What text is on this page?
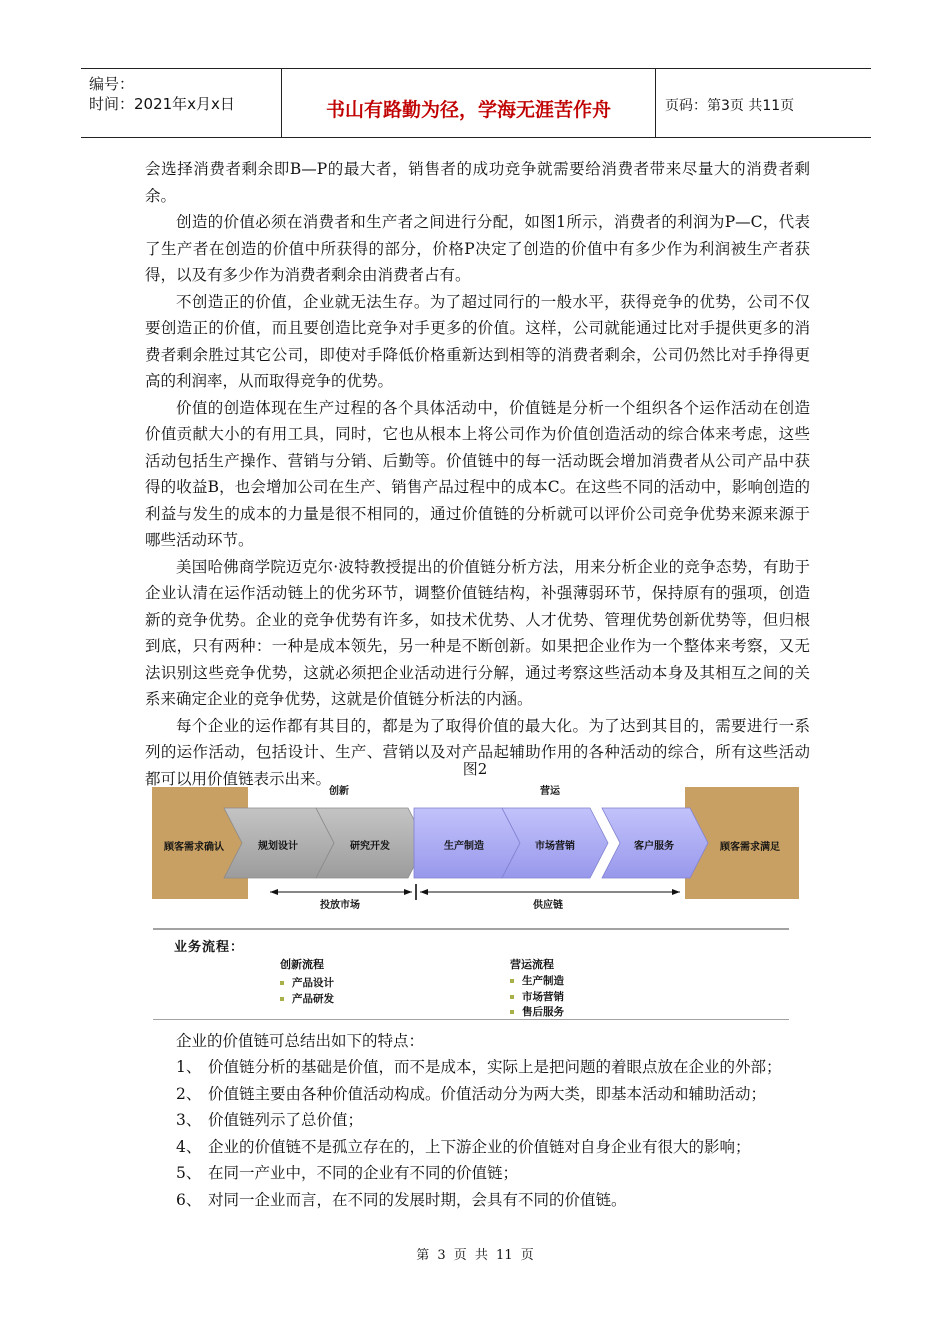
编号：
时间：2021年x月x日	书山有路勤为径，学海无涯苦作舟	页码：第3页 共11页

会选择消费者剩余即B—P的最大者，销售者的成功竞争就需要给消费者带来尽量大的消费者剩余。

创造的价值必须在消费者和生产者之间进行分配，如图1所示，消费者的利润为P—C，代表了生产者在创造的价值中所获得的部分，价格P决定了创造的价值中有多少作为利润被生产者获得，以及有多少作为消费者剩余由消费者占有。

不创造正的价值，企业就无法生存。为了超过同行的一般水平，获得竞争的优势，公司不仅要创造正的价值，而且要创造比竞争对手更多的价值。这样，公司就能通过比对手提供更多的消费者剩余胜过其它公司，即使对手降低价格重新达到相等的消费者剩余，公司仍然比对手挣得更高的利润率，从而取得竞争的优势。

价值的创造体现在生产过程的各个具体活动中，价值链是分析一个组织各个运作活动在创造价值贡献大小的有用工具，同时，它也从根本上将公司作为价值创造活动的综合体来考虑，这些活动包括生产操作、营销与分销、后勤等。价值链中的每一活动既会增加消费者从公司产品中获得的收益B，也会增加公司在生产、销售产品过程中的成本C。在这些不同的活动中，影响创造的利益与发生的成本的力量是很不相同的，通过价值链的分析就可以评价公司竞争优势来源来源于哪些活动环节。

美国哈佛商学院迈克尔·波特教授提出的价值链分析方法，用来分析企业的竞争态势，有助于企业认清在运作活动链上的优劣环节，调整价值链结构，补强薄弱环节，保持原有的强项，创造新的竞争优势。企业的竞争优势有许多，如技术优势、人才优势、管理优势创新优势等，但归根到底，只有两种：一种是成本领先，另一种是不断创新。如果把企业作为一个整体来考察，又无法识别这些竞争优势，这就必须把企业活动进行分解，通过考察这些活动本身及其相互之间的关系来确定企业的竞争优势，这就是价值链分析法的内涵。

每个企业的运作都有其目的，都是为了取得价值的最大化。为了达到其目的，需要进行一系列的运作活动，包括设计、生产、营销以及对产品起辅助作用的各种活动的综合，所有这些活动都可以用价值链表示出来。

图2
创新	营运
顾客需求确认	顾客需求满足
规划设计	研究开发	生产制造	市场营销	客户服务
投放市场	供应链
业务流程：
创新流程
产品设计
产品研发
营运流程
生产制造
市场营销
售后服务

企业的价值链可总结出如下的特点：

1、 价值链分析的基础是价值，而不是成本，实际上是把问题的着眼点放在企业的外部；
2、 价值链主要由各种价值活动构成。价值活动分为两大类，即基本活动和辅助活动；
3、 价值链列示了总价值；
4、 企业的价值链不是孤立存在的，上下游企业的价值链对自身企业有很大的影响；
5、 在同一产业中，不同的企业有不同的价值链；
6、 对同一企业而言，在不同的发展时期，会具有不同的价值链。
第 3 页 共 11 页
